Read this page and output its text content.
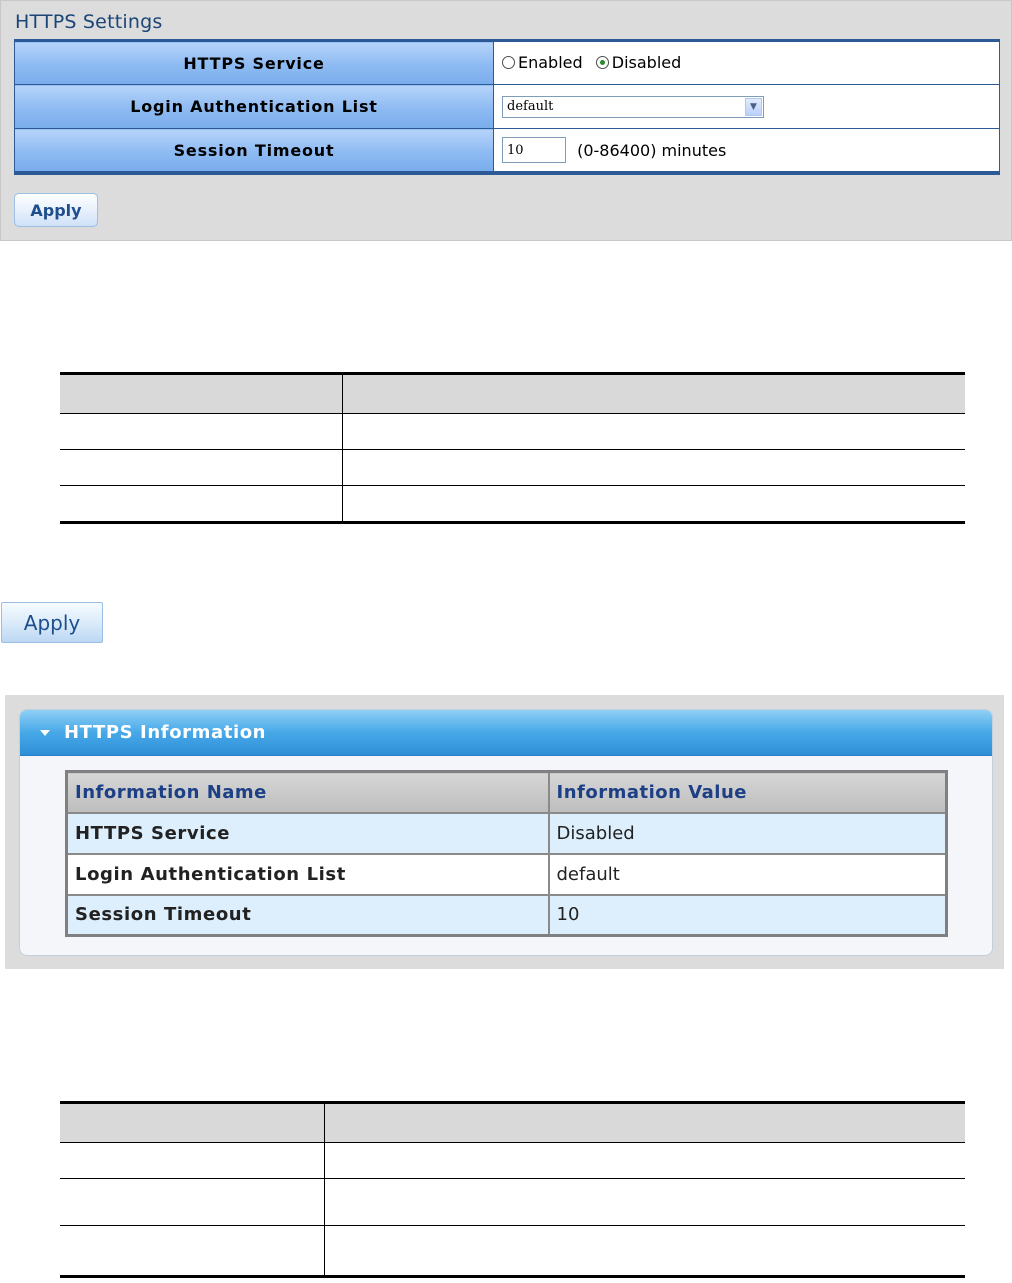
HTTPS Settings
HTTPS Service	Enabled
Disabled

Login Authentication List	default ▼

Session Timeout	10 (0-86400) minutes
Apply

Apply
HTTPS Information
Information Name	Information Value
HTTPS Service	Disabled
Login Authentication List	default
Session Timeout	10
